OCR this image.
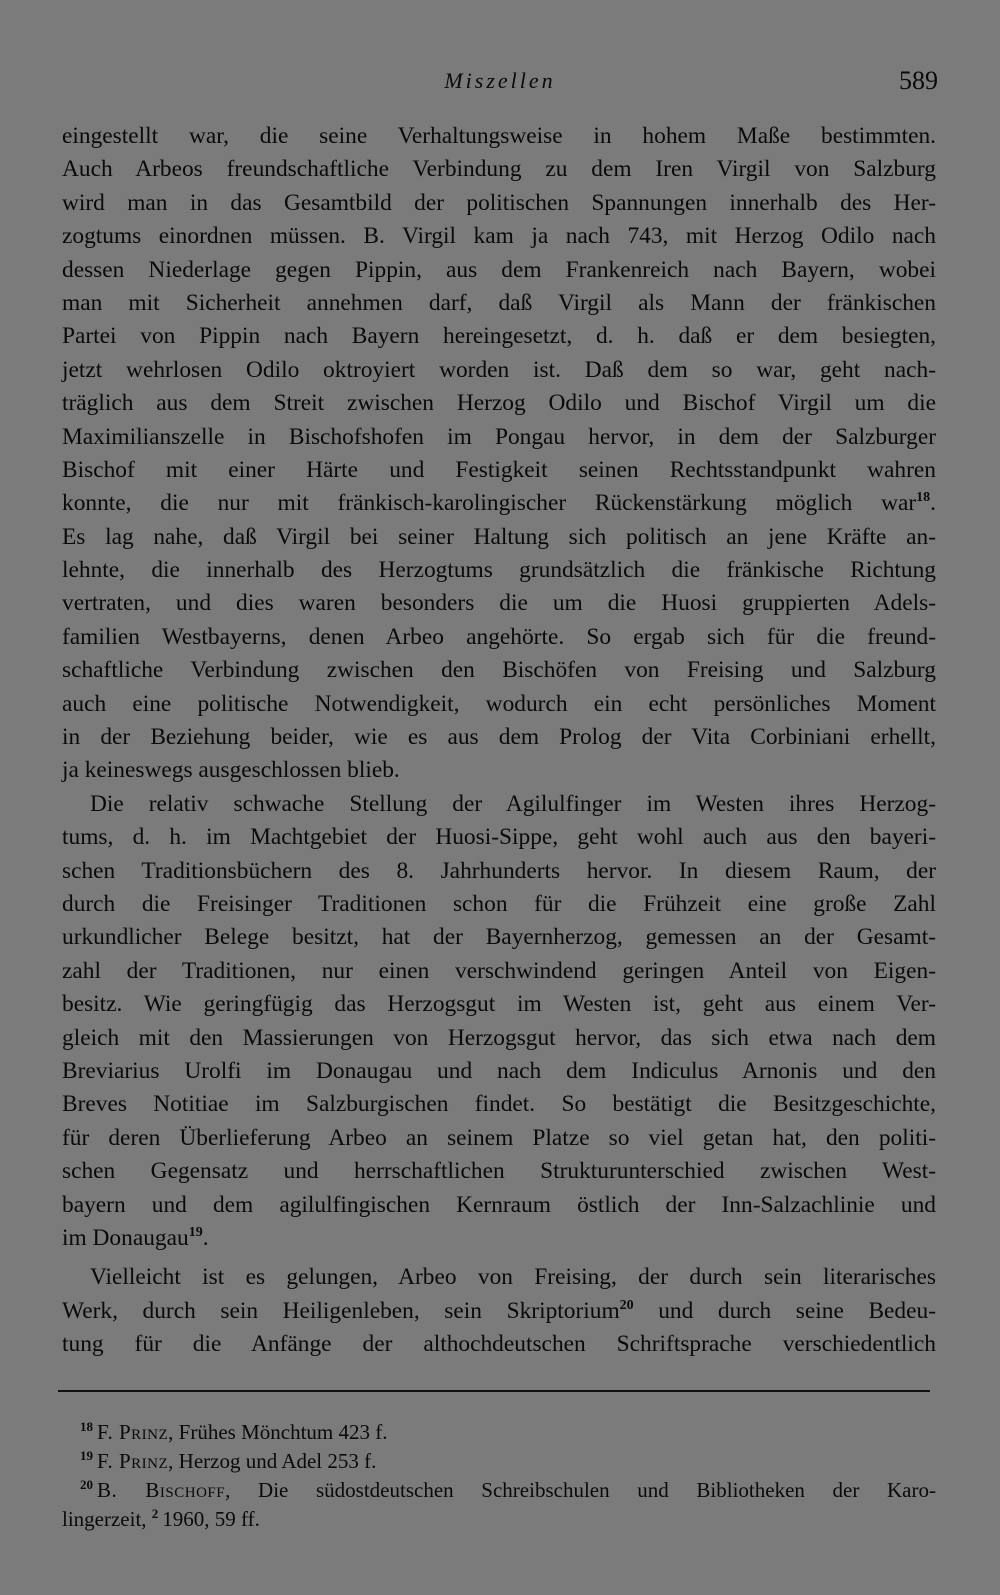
Miszellen	589
eingestellt war, die seine Verhaltungsweise in hohem Maße bestimmten.
Auch Arbeos freundschaftliche Verbindung zu dem Iren Virgil von Salzburg
wird man in das Gesamtbild der politischen Spannungen innerhalb des Her-
zogtums einordnen müssen. B. Virgil kam ja nach 743, mit Herzog Odilo nach
dessen Niederlage gegen Pippin, aus dem Frankenreich nach Bayern, wobei
man mit Sicherheit annehmen darf, daß Virgil als Mann der fränkischen
Partei von Pippin nach Bayern hereingesetzt, d. h. daß er dem besiegten,
jetzt wehrlosen Odilo oktroyiert worden ist. Daß dem so war, geht nach-
träglich aus dem Streit zwischen Herzog Odilo und Bischof Virgil um die
Maximilianszelle in Bischofshofen im Pongau hervor, in dem der Salzburger
Bischof mit einer Härte und Festigkeit seinen Rechtsstandpunkt wahren
konnte, die nur mit fränkisch-karolingischer Rückenstärkung möglich war$^{18}$.
Es lag nahe, daß Virgil bei seiner Haltung sich politisch an jene Kräfte an-
lehnte, die innerhalb des Herzogtums grundsätzlich die fränkische Richtung
vertraten, und dies waren besonders die um die Huosi gruppierten Adels-
familien Westbayerns, denen Arbeo angehörte. So ergab sich für die freund-
schaftliche Verbindung zwischen den Bischöfen von Freising und Salzburg
auch eine politische Notwendigkeit, wodurch ein echt persönliches Moment
in der Beziehung beider, wie es aus dem Prolog der Vita Corbiniani erhellt,
ja keineswegs ausgeschlossen blieb.
Die relativ schwache Stellung der Agilulfinger im Westen ihres Herzog-
tums, d. h. im Machtgebiet der Huosi-Sippe, geht wohl auch aus den bayeri-
schen Traditionsbüchern des 8. Jahrhunderts hervor. In diesem Raum, der
durch die Freisinger Traditionen schon für die Frühzeit eine große Zahl
urkundlicher Belege besitzt, hat der Bayernherzog, gemessen an der Gesamt-
zahl der Traditionen, nur einen verschwindend geringen Anteil von Eigen-
besitz. Wie geringfügig das Herzogsgut im Westen ist, geht aus einem Ver-
gleich mit den Massierungen von Herzogsgut hervor, das sich etwa nach dem
Breviarius Urolfi im Donaugau und nach dem Indiculus Arnonis und den
Breves Notitiae im Salzburgischen findet. So bestätigt die Besitzgeschichte,
für deren Überlieferung Arbeo an seinem Platze so viel getan hat, den politi-
schen Gegensatz und herrschaftlichen Strukturunterschied zwischen West-
bayern und dem agilulfingischen Kernraum östlich der Inn-Salzachlinie und
im Donaugau$^{19}$.
Vielleicht ist es gelungen, Arbeo von Freising, der durch sein literarisches
Werk, durch sein Heiligenleben, sein Skriptorium$^{20}$ und durch seine Bedeu-
tung für die Anfänge der althochdeutschen Schriftsprache verschiedentlich
$^{18}$ F. Prinz, Frühes Mönchtum 423 f.
$^{19}$ F. Prinz, Herzog und Adel 253 f.
$^{20}$ B. Bischoff, Die südostdeutschen Schreibschulen und Bibliotheken der Karo-
lingerzeit, $^2$ 1960, 59 ff.
